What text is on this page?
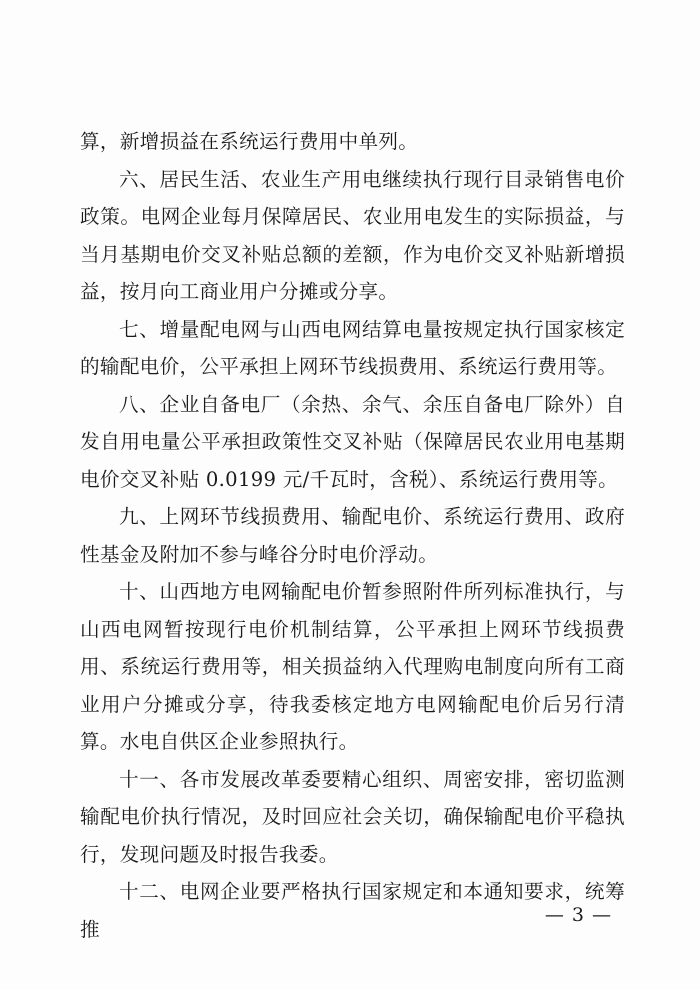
算，新增损益在系统运行费用中单列。

六、居民生活、农业生产用电继续执行现行目录销售电价政策。电网企业每月保障居民、农业用电发生的实际损益，与当月基期电价交叉补贴总额的差额，作为电价交叉补贴新增损益，按月向工商业用户分摊或分享。

七、增量配电网与山西电网结算电量按规定执行国家核定的输配电价，公平承担上网环节线损费用、系统运行费用等。

八、企业自备电厂（余热、余气、余压自备电厂除外）自发自用电量公平承担政策性交叉补贴（保障居民农业用电基期电价交叉补贴 0.0199 元/千瓦时，含税）、系统运行费用等。

九、上网环节线损费用、输配电价、系统运行费用、政府性基金及附加不参与峰谷分时电价浮动。

十、山西地方电网输配电价暂参照附件所列标准执行，与山西电网暂按现行电价机制结算，公平承担上网环节线损费用、系统运行费用等，相关损益纳入代理购电制度向所有工商业用户分摊或分享，待我委核定地方电网输配电价后另行清算。水电自供区企业参照执行。

十一、各市发展改革委要精心组织、周密安排，密切监测输配电价执行情况，及时回应社会关切，确保输配电价平稳执行，发现问题及时报告我委。

十二、电网企业要严格执行国家规定和本通知要求，统筹推

— 3 —
